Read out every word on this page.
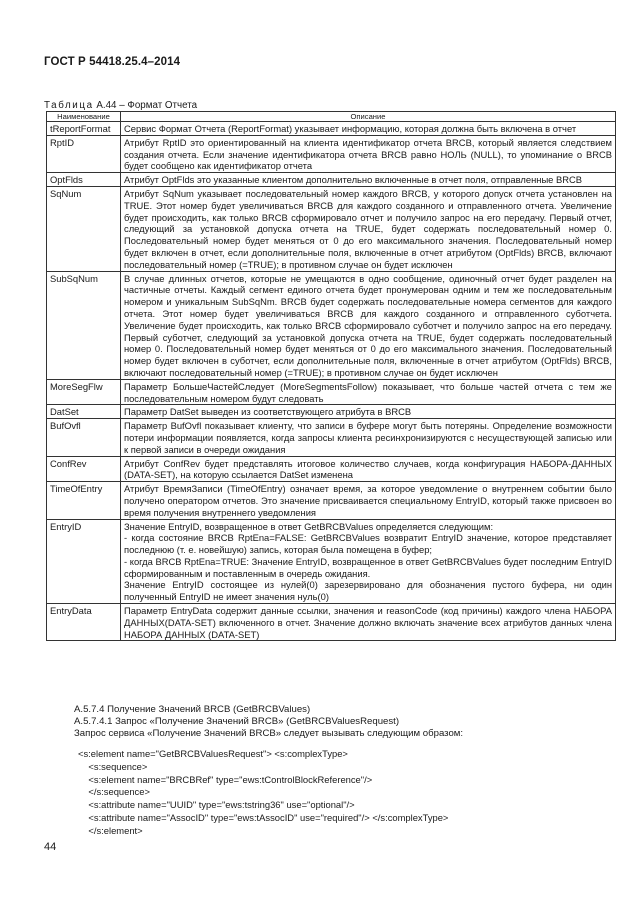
ГОСТ Р 54418.25.4–2014
Таблица А.44 – Формат Отчета
Наименование	Описание
tReportFormat	Сервис Формат Отчета (ReportFormat) указывает информацию, которая должна быть включена в отчет
RptID	Атрибут RptID это ориентированный на клиента идентификатор отчета BRCB, который является следствием создания отчета. Если значение идентификатора отчета BRCB равно НОЛЬ (NULL), то упоминание о BRCB будет сообщено как идентификатор отчета
OptFlds	Атрибут OptFlds это указанные клиентом дополнительно включенные в отчет поля, отправленные BRCB
SqNum	Атрибут SqNum указывает последовательный номер каждого BRCB, у которого допуск отчета установлен на TRUE. Этот номер будет увеличиваться BRCB для каждого созданного и отправленного отчета. Увеличение будет происходить, как только BRCB сформировало отчет и получило запрос на его передачу. Первый отчет, следующий за установкой допуска отчета на TRUE, будет содержать последовательный номер 0. Последовательный номер будет меняться от 0 до его максимального значения. Последовательный номер будет включен в отчет, если дополнительные поля, включенные в отчет атрибутом (OptFlds) BRCB, включают последовательный номер (=TRUE); в противном случае он будет исключен
SubSqNum	В случае длинных отчетов, которые не умещаются в одно сообщение, одиночный отчет будет разделен на частичные отчеты. Каждый сегмент единого отчета будет пронумерован одним и тем же последовательным номером и уникальным SubSqNm. BRCB будет содержать последовательные номера сегментов для каждого отчета. Этот номер будет увеличиваться BRCB для каждого созданного и отправленного суботчета. Увеличение будет происходить, как только BRCB сформировало суботчет и получило запрос на его передачу. Первый суботчет, следующий за установкой допуска отчета на TRUE, будет содержать последовательный номер 0. Последовательный номер будет меняться от 0 до его максимального значения. Последовательный номер будет включен в суботчет, если дополнительные поля, включенные в отчет атрибутом (OptFlds) BRCB, включают последовательный номер (=TRUE); в противном случае он будет исключен
MoreSegFlw	Параметр БольшеЧастейСледует (MoreSegmentsFollow) показывает, что больше частей отчета с тем же последовательным номером будут следовать
DatSet	Параметр DatSet выведен из соответствующего атрибута в BRCB
BufOvfl	Параметр BufOvfl показывает клиенту, что записи в буфере могут быть потеряны. Определение возможности потери информации появляется, когда запросы клиента ресинхронизируются с несуществующей записью или к первой записи в очереди ожидания
ConfRev	Атрибут ConfRev будет представлять итоговое количество случаев, когда конфигурация НАБОРА-ДАННЫХ (DATA-SET), на которую ссылается DatSet изменена
TimeOfEntry	Атрибут ВремяЗаписи (TimeOfEntry) означает время, за которое уведомление о внутреннем событии было получено оператором отчетов. Это значение присваивается специальному EntryID, который также присвоен во время получения внутреннего уведомления
EntryID	Значение EntryID, возвращенное в ответ GetBRCBValues определяется следующим:
- когда состояние BRCB RptEna=FALSE: GetBRCBValues возвратит EntryID значение, которое представляет последнюю (т. е. новейшую) запись, которая была помещена в буфер;
- когда BRCB RptEna=TRUE: Значение EntryID, возвращенное в ответ GetBRCBValues будет последним EntryID сформированным и поставленным в очередь ожидания.
Значение EntryID состоящее из нулей(0) зарезервировано для обозначения пустого буфера, ни один полученный EntryID не имеет значения нуль(0)
EntryData	Параметр EntryData содержит данные ссылки, значения и reasonCode (код причины) каждого члена НАБОРА ДАННЫХ(DATA-SET) включенного в отчет. Значение должно включать значение всех атрибутов данных члена НАБОРА ДАННЫХ (DATA-SET)
А.5.7.4 Получение Значений BRCB (GetBRCBValues)
А.5.7.4.1 Запрос «Получение Значений BRCB» (GetBRCBValuesRequest)
Запрос сервиса «Получение Значений BRCB» следует вызывать следующим образом:
<s:element name="GetBRCBValuesRequest"> <s:complexType>
<s:sequence>
<s:element name="BRCBRef" type="ews:tControlBlockReference"/>
</s:sequence>
<s:attribute name="UUID" type="ews:tstring36" use="optional"/>
<s:attribute name="AssocID" type="ews:tAssocID" use="required"/> </s:complexType>
</s:element>
44
